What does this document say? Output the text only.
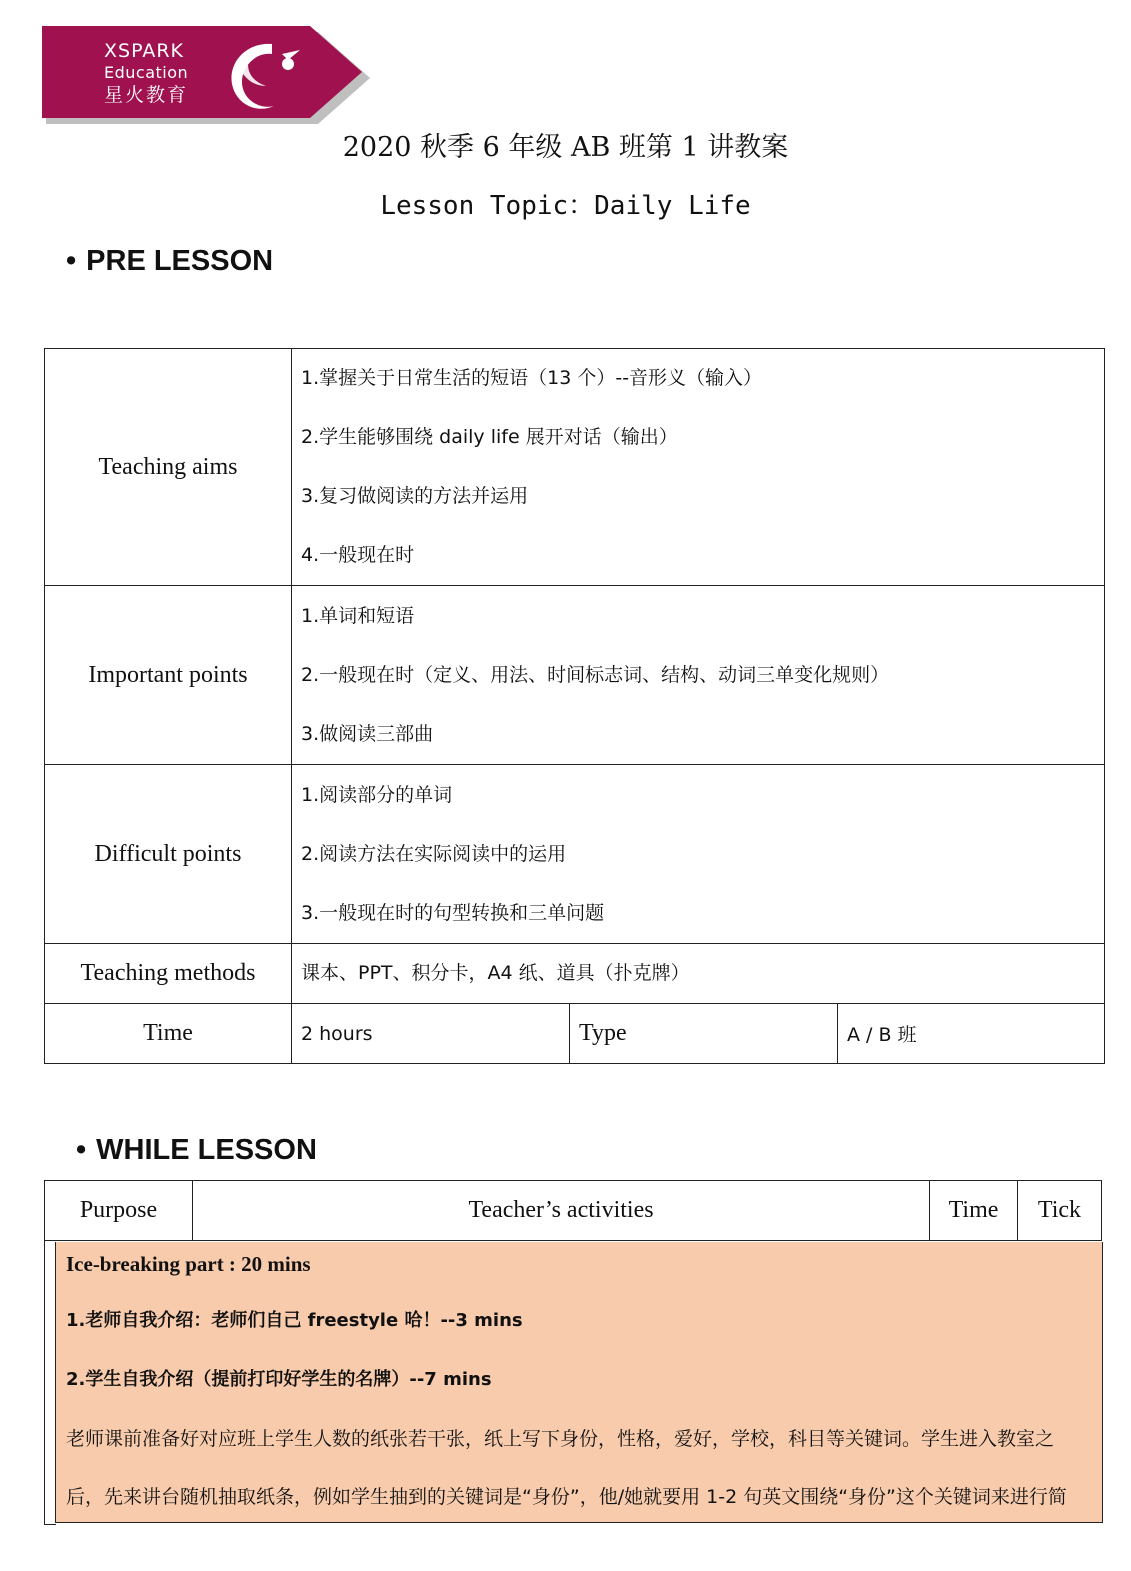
XSPARK
Education
星火教育
2020 秋季 6 年级 AB 班第 1 讲教案
Lesson Topic：Daily Life
• PRE LESSON
Teaching aims	1.掌握关于日常生活的短语（13 个）--音形义（输入）
2.学生能够围绕 daily life 展开对话（输出）
3.复习做阅读的方法并运用
4.一般现在时		

Important points	1.单词和短语
2.一般现在时（定义、用法、时间标志词、结构、动词三单变化规则）
3.做阅读三部曲		

Difficult points	1.阅读部分的单词
2.阅读方法在实际阅读中的运用
3.一般现在时的句型转换和三单问题		

Teaching methods	课本、PPT、积分卡，A4 纸、道具（扑克牌）		

Time	2 hours	Type	A / B 班
• WHILE LESSON
Purpose	Teacher’s activities	Time	Tick
Ice-breaking part : 20 mins
1.老师自我介绍：老师们自己 freestyle 哈！--3 mins
2.学生自我介绍（提前打印好学生的名牌）--7 mins
老师课前准备好对应班上学生人数的纸张若干张，纸上写下身份，性格，爱好，学校，科目等关键词。学生进入教室之
后，先来讲台随机抽取纸条，例如学生抽到的关键词是“身份”，他/她就要用 1-2 句英文围绕“身份”这个关键词来进行简
